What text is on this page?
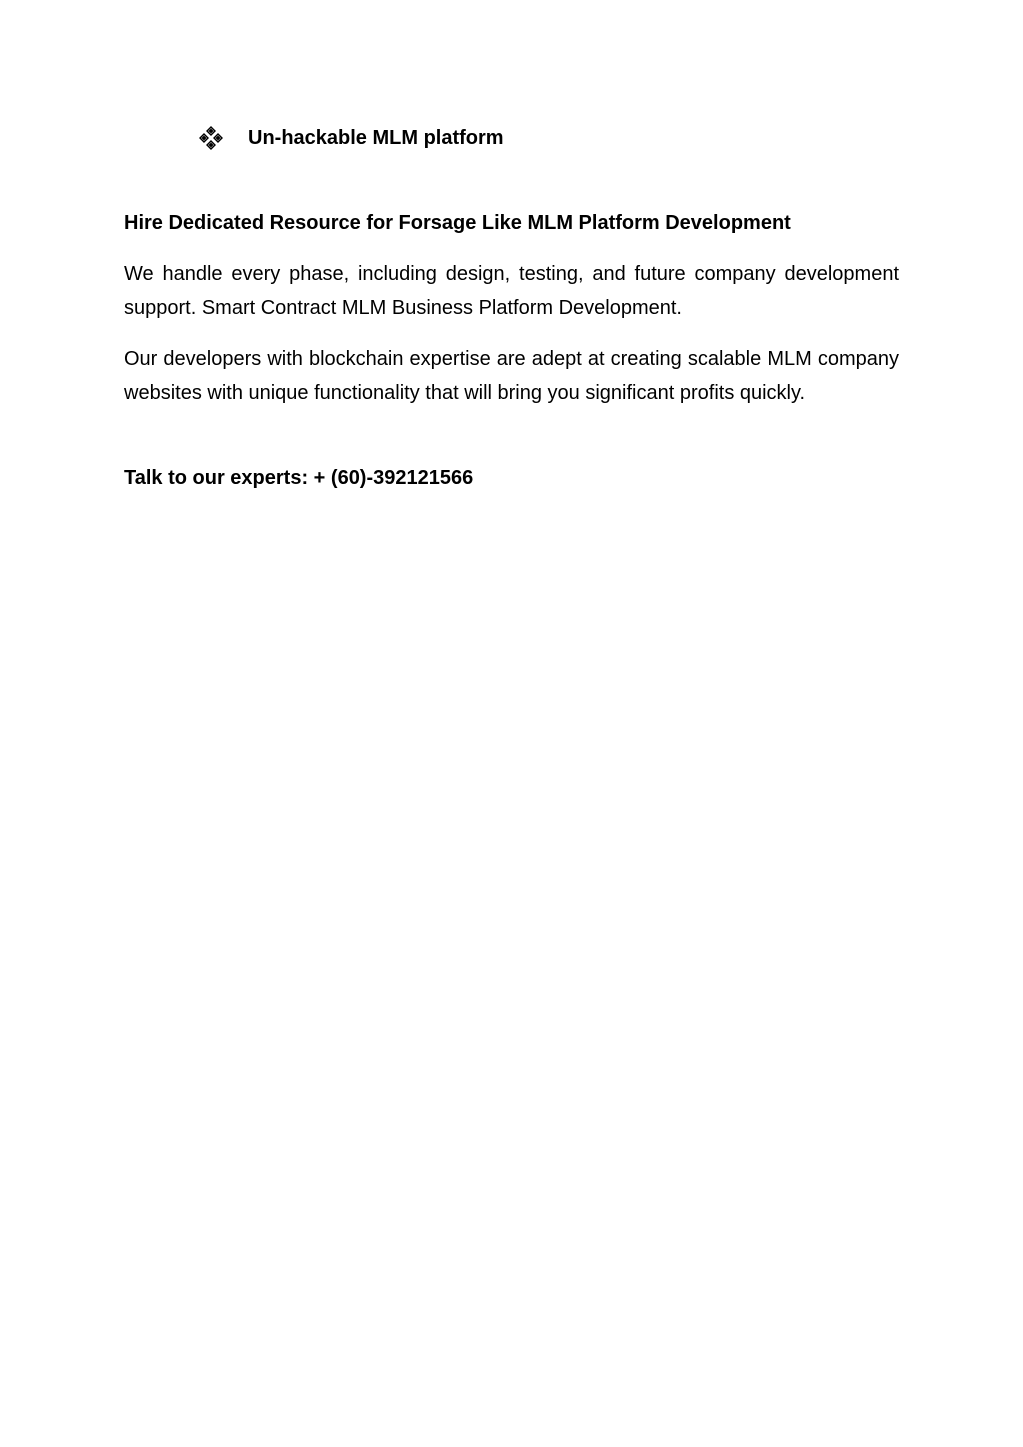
Un-hackable MLM platform
Hire Dedicated Resource for Forsage Like MLM Platform Development

We handle every phase, including design, testing, and future company development support. Smart Contract MLM Business Platform Development.

Our developers with blockchain expertise are adept at creating scalable MLM company websites with unique functionality that will bring you significant profits quickly.

Talk to our experts: + (60)-392121566
